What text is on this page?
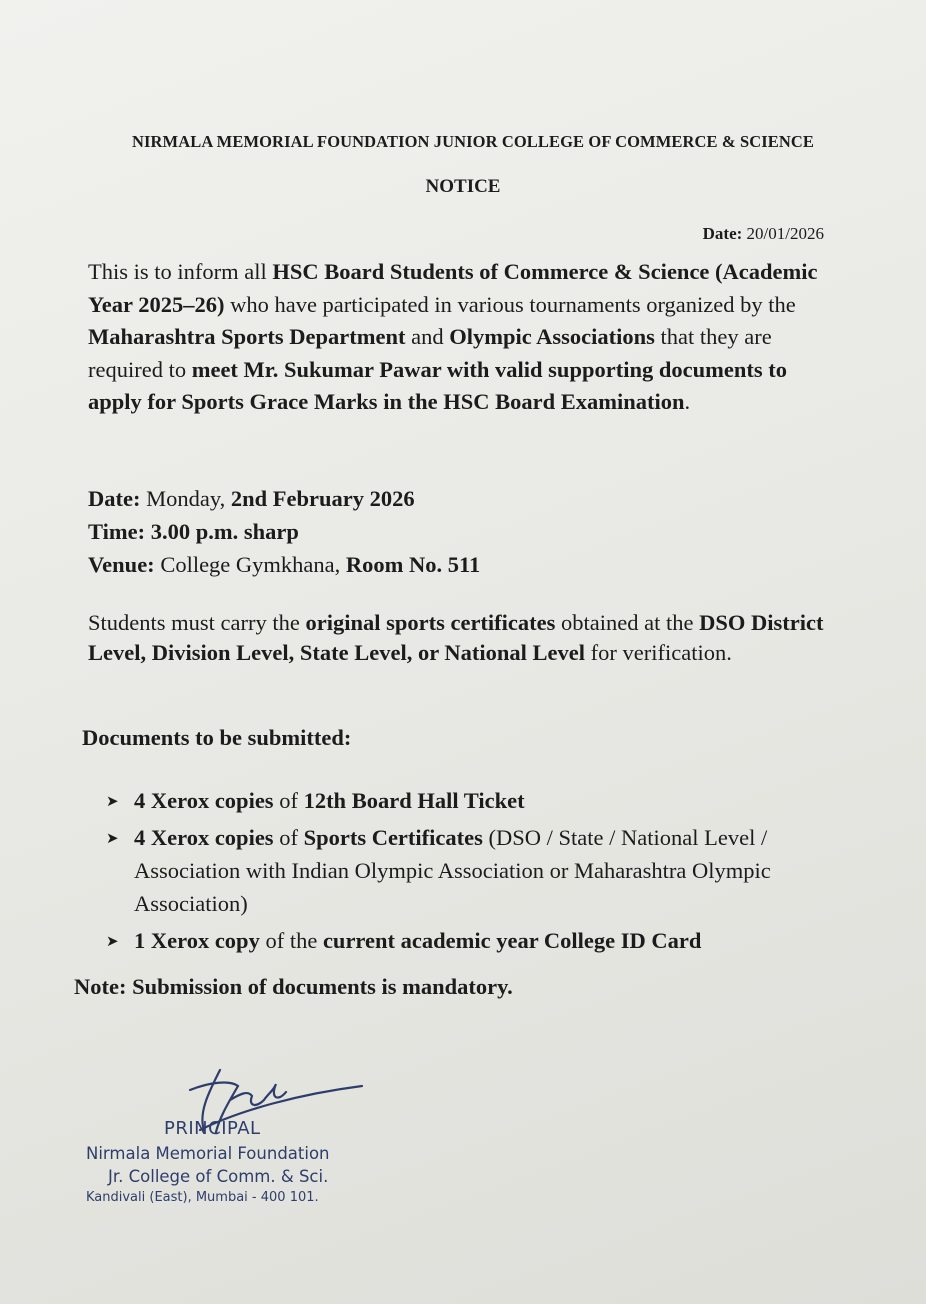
NIRMALA MEMORIAL FOUNDATION JUNIOR COLLEGE OF COMMERCE & SCIENCE
NOTICE
Date: 20/01/2026
This is to inform all HSC Board Students of Commerce & Science (Academic Year 2025–26) who have participated in various tournaments organized by the Maharashtra Sports Department and Olympic Associations that they are required to meet Mr. Sukumar Pawar with valid supporting documents to apply for Sports Grace Marks in the HSC Board Examination.
Date: Monday, 2nd February 2026
Time: 3.00 p.m. sharp
Venue: College Gymkhana, Room No. 511
Students must carry the original sports certificates obtained at the DSO District Level, Division Level, State Level, or National Level for verification.
Documents to be submitted:
➤ 4 Xerox copies of 12th Board Hall Ticket
➤ 4 Xerox copies of Sports Certificates (DSO / State / National Level / Association with Indian Olympic Association or Maharashtra Olympic Association)
➤ 1 Xerox copy of the current academic year College ID Card
Note: Submission of documents is mandatory.
PRINCIPAL
Nirmala Memorial Foundation
Jr. College of Comm. & Sci.
Kandivali (East), Mumbai - 400 101.
